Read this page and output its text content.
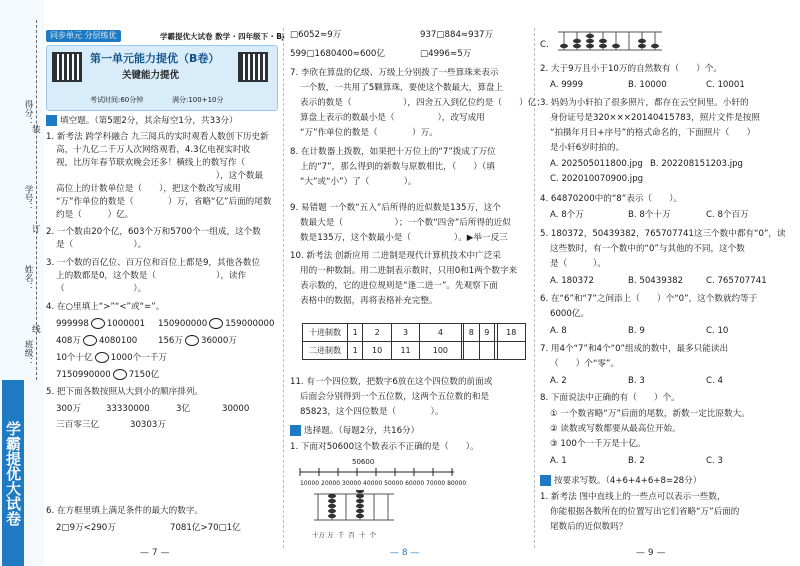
学霸提优大试卷
得分：
学号：
姓名：
班级：
装
订
线
同步单元 分层练优	学霸提优大试卷 数学 · 四年级下 · BJ
第一单元能力提优（B卷）
关键能力提优
考试时间:60分钟	满分:100+10分
填空题。（第5题2分，其余每空1分，共33分）
1. 新考法 跨学科融合 九三阅兵的实时观看人数创下历史新
高，十九亿二千万人次网络观看，4.3亿电视实时收
视，比历年春节联欢晚会还多！横线上的数写作（
　　　），这个数最
高位上的计数单位是（　　），把这个数改写成用
“万”作单位的数是（　　　　）万，省略“亿”后面的尾数
约是（　　　）亿。
2. 一个数由20个亿，603个万和5700个一组成，这个数
是（　　　　　　　）。
3. 一个数的百亿位、百万位和百位上都是9，其他各数位
上的数都是0，这个数是（　　　　　　　），读作
（　　　　　　　　）。
4. 在○里填上“>”“<”或“=”。
999998 1000001 150900000 159000000
408万 4080100 156万 36000万
10个十亿 1000个一千万
7150990000 7150亿
5. 把下面各数按照从大到小的顺序排列。
300万	33330000	3亿	30000
三百零三亿	30303万
6. 在方框里填上满足条件的最大的数字。
2□9万<290万	7081亿>70□1亿
— 7 —
□6052≈9万	937□884≈937万
599□1680400≈600亿	□4996≈5万
7. 李欣在算盘的亿级、万级上分别拨了一些算珠来表示
一个数，一共用了5颗算珠，要使这个数最大，算盘上
表示的数是（　　　　　　），四舍五入到亿位约是（　　）亿；
算盘上表示的数最小是（　　　　　），改写成用
“万”作单位的数是（　　　　）万。
8. 在计数器上拨数，如果把十万位上的“7”拨成了万位
上的“7”，那么得到的新数与原数相比，（　　）（填
“大”或“小”）了（　　　　）。
9. 易错题 一个数“五入”后所得的近似数是135万，这个
数最大是（　　　　　　）；一个数“四舍”后所得的近似
数是135万，这个数最小是（　　　　　）。▶举一反三
10. 新考法 创新应用 二进制是现代计算机技术中广泛采
用的一种数制。用二进制表示数时，只用0和1两个数字来
表示数的，它的进位规则是“逢二进一”。先观察下面
表格中的数据，再将表格补充完整。
十进制数	1	2	3	4		8	9		18
二进制数	1	10	11	100					
11. 有一个四位数，把数字6放在这个四位数的前面或
后面会分别得到一个五位数，这两个五位数的和是
85823，这个四位数是（　　　　）。
选择题。（每题2分，共16分）
1. 下面对50600这个数表示不正确的是（　　）。
50600
10000 20000 30000 40000 50000 60000 70000 80000
十万 万 千 百 十 个
— 8 —
C.
2. 大于9万且小于10万的自然数有（　　）个。
A. 9999	B. 10000	C. 10001
3. 妈妈为小轩拍了很多照片，都存在云空间里。小轩的
身份证号是320×××20140415783，照片文件是按照
“拍摄年月日+序号”的格式命名的，下面照片（　　）
是小轩6岁时拍的。
A. 202505011800.jpg B. 202208151203.jpg
C. 202010070900.jpg
4. 64870200中的“8”表示（　　）。
A. 8个万	B. 8个十万	C. 8个百万
5. 180372，50439382，765707741这三个数中都有“0”，读
这些数时，有一个数中的“0”与其他的不同，这个数
是（　　　）。
A. 180372	B. 50439382	C. 765707741
6. 在“6”和“7”之间添上（　　）个“0”，这个数就约等于
6000亿。
A. 8	B. 9	C. 10
7. 用4个“7”和4个“0”组成的数中，最多只能读出
（　　）个“零”。
A. 2	B. 3	C. 4
8. 下面说法中正确的有（　　）个。
① 一个数省略“万”后面的尾数，新数一定比原数大。
② 读数或写数都要从最高位开始。
③ 100个一千万是十亿。
A. 1	B. 2	C. 3
按要求写数。（4+6+4+6+8=28分）
1. 新考法 图中直线上的一些点可以表示一些数，
你能根据各数所在的位置写出它们省略“万”后面的
尾数后的近似数吗？
— 9 —
